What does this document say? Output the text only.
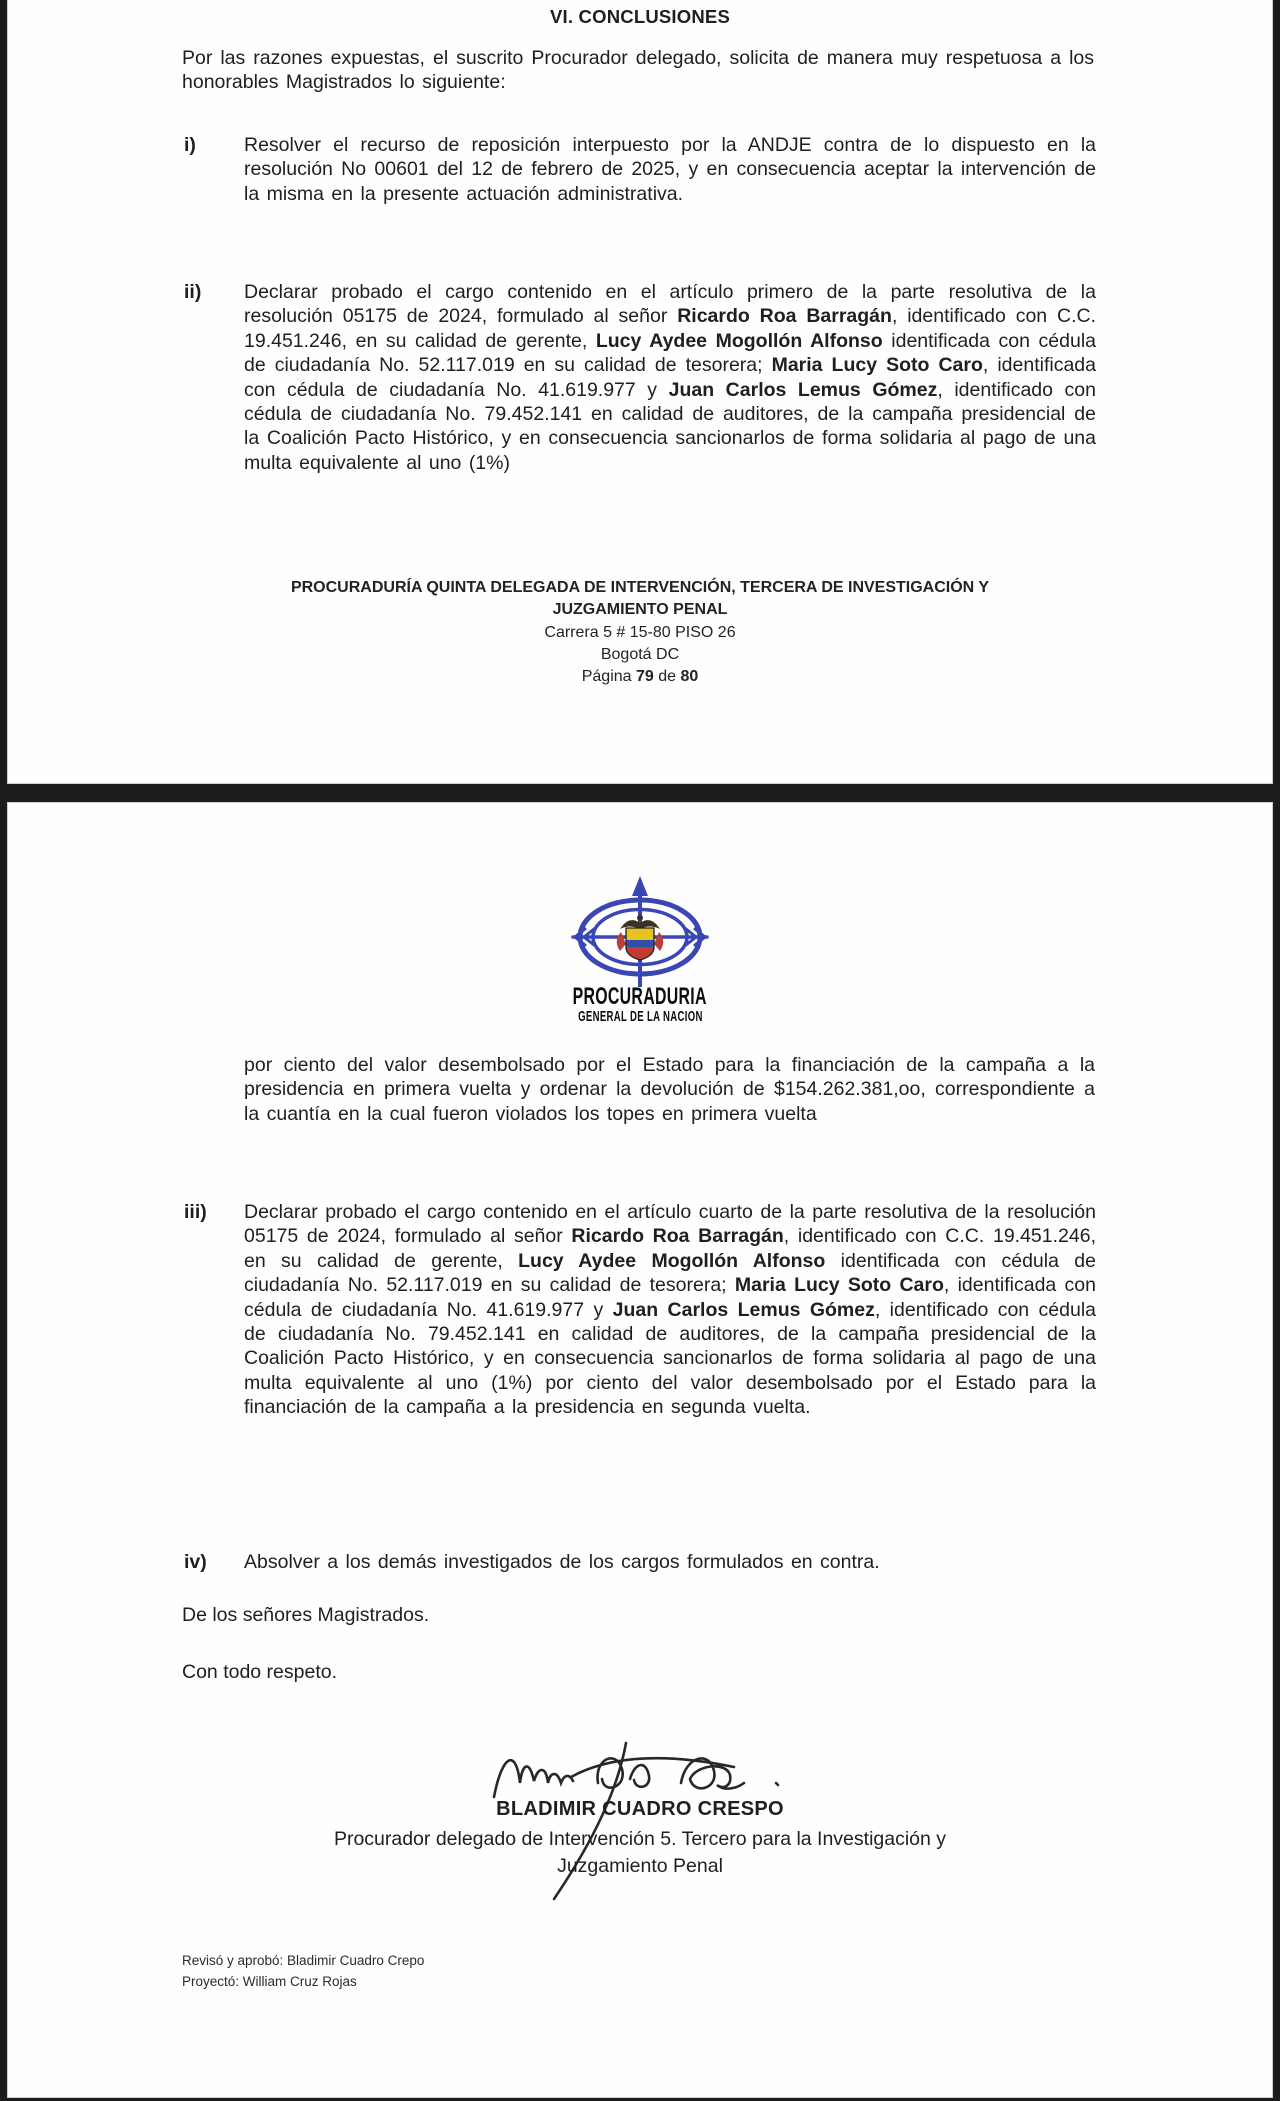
VI. CONCLUSIONES
Por las razones expuestas, el suscrito Procurador delegado, solicita de manera muy respetuosa a los honorables Magistrados lo siguiente:
i)	Resolver el recurso de reposición interpuesto por la ANDJE contra de lo dispuesto en la resolución No 00601 del 12 de febrero de 2025, y en consecuencia aceptar la intervención de la misma en la presente actuación administrativa.
ii)	Declarar probado el cargo contenido en el artículo primero de la parte resolutiva de la resolución 05175 de 2024, formulado al señor Ricardo Roa Barragán, identificado con C.C. 19.451.246, en su calidad de gerente, Lucy Aydee Mogollón Alfonso identificada con cédula de ciudadanía No. 52.117.019 en su calidad de tesorera; Maria Lucy Soto Caro, identificada con cédula de ciudadanía No. 41.619.977 y Juan Carlos Lemus Gómez, identificado con cédula de ciudadanía No. 79.452.141 en calidad de auditores, de la campaña presidencial de la Coalición Pacto Histórico, y en consecuencia sancionarlos de forma solidaria al pago de una multa equivalente al uno (1%)
PROCURADURÍA QUINTA DELEGADA DE INTERVENCIÓN, TERCERA DE INVESTIGACIÓN Y
JUZGAMIENTO PENAL
Carrera 5 # 15-80 PISO 26
Bogotá DC
Página 79 de 80
PROCURADURIA
GENERAL DE LA NACION
por ciento del valor desembolsado por el Estado para la financiación de la campaña a la presidencia en primera vuelta y ordenar la devolución de $154.262.381,oo, correspondiente a la cuantía en la cual fueron violados los topes en primera vuelta
iii)	Declarar probado el cargo contenido en el artículo cuarto de la parte resolutiva de la resolución 05175 de 2024, formulado al señor Ricardo Roa Barragán, identificado con C.C. 19.451.246, en su calidad de gerente, Lucy Aydee Mogollón Alfonso identificada con cédula de ciudadanía No. 52.117.019 en su calidad de tesorera; Maria Lucy Soto Caro, identificada con cédula de ciudadanía No. 41.619.977 y Juan Carlos Lemus Gómez, identificado con cédula de ciudadanía No. 79.452.141 en calidad de auditores, de la campaña presidencial de la Coalición Pacto Histórico, y en consecuencia sancionarlos de forma solidaria al pago de una multa equivalente al uno (1%) por ciento del valor desembolsado por el Estado para la financiación de la campaña a la presidencia en segunda vuelta.
iv)	Absolver a los demás investigados de los cargos formulados en contra.
De los señores Magistrados.
Con todo respeto.
BLADIMIR CUADRO CRESPO
Procurador delegado de Intervención 5. Tercero para la Investigación y
Juzgamiento Penal
Revisó y aprobó: Bladimir Cuadro Crepo
Proyectó: William Cruz Rojas
